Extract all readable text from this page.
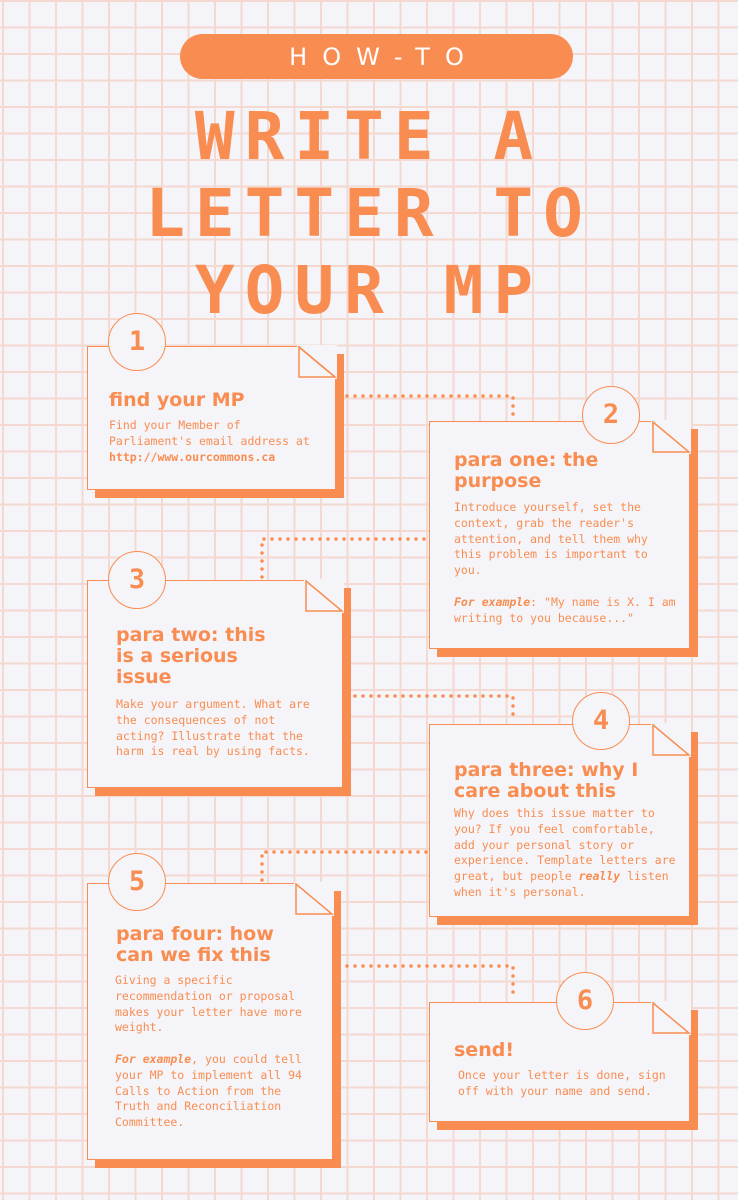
HOW-TO
WRITE A
LETTER TO
YOUR MP
1
find your MP

Find your Member of Parliament's email address at
http://www.ourcommons.ca

2
para one: the
purpose

Introduce yourself, set the context, grab the reader's attention, and tell them why this problem is important to you.

For example: "My name is X. I am writing to you because..."

3
para two: this
is a serious
issue

Make your argument. What are the consequences of not acting? Illustrate that the harm is real by using facts.

4
para three: why I
care about this

Why does this issue matter to you? If you feel comfortable, add your personal story or experience. Template letters are great, but people really listen when it's personal.

5
para four: how
can we fix this

Giving a specific recommendation or proposal makes your letter have more weight.

For example, you could tell your MP to implement all 94 Calls to Action from the Truth and Reconciliation Committee.

6
send!

Once your letter is done, sign off with your name and send.
